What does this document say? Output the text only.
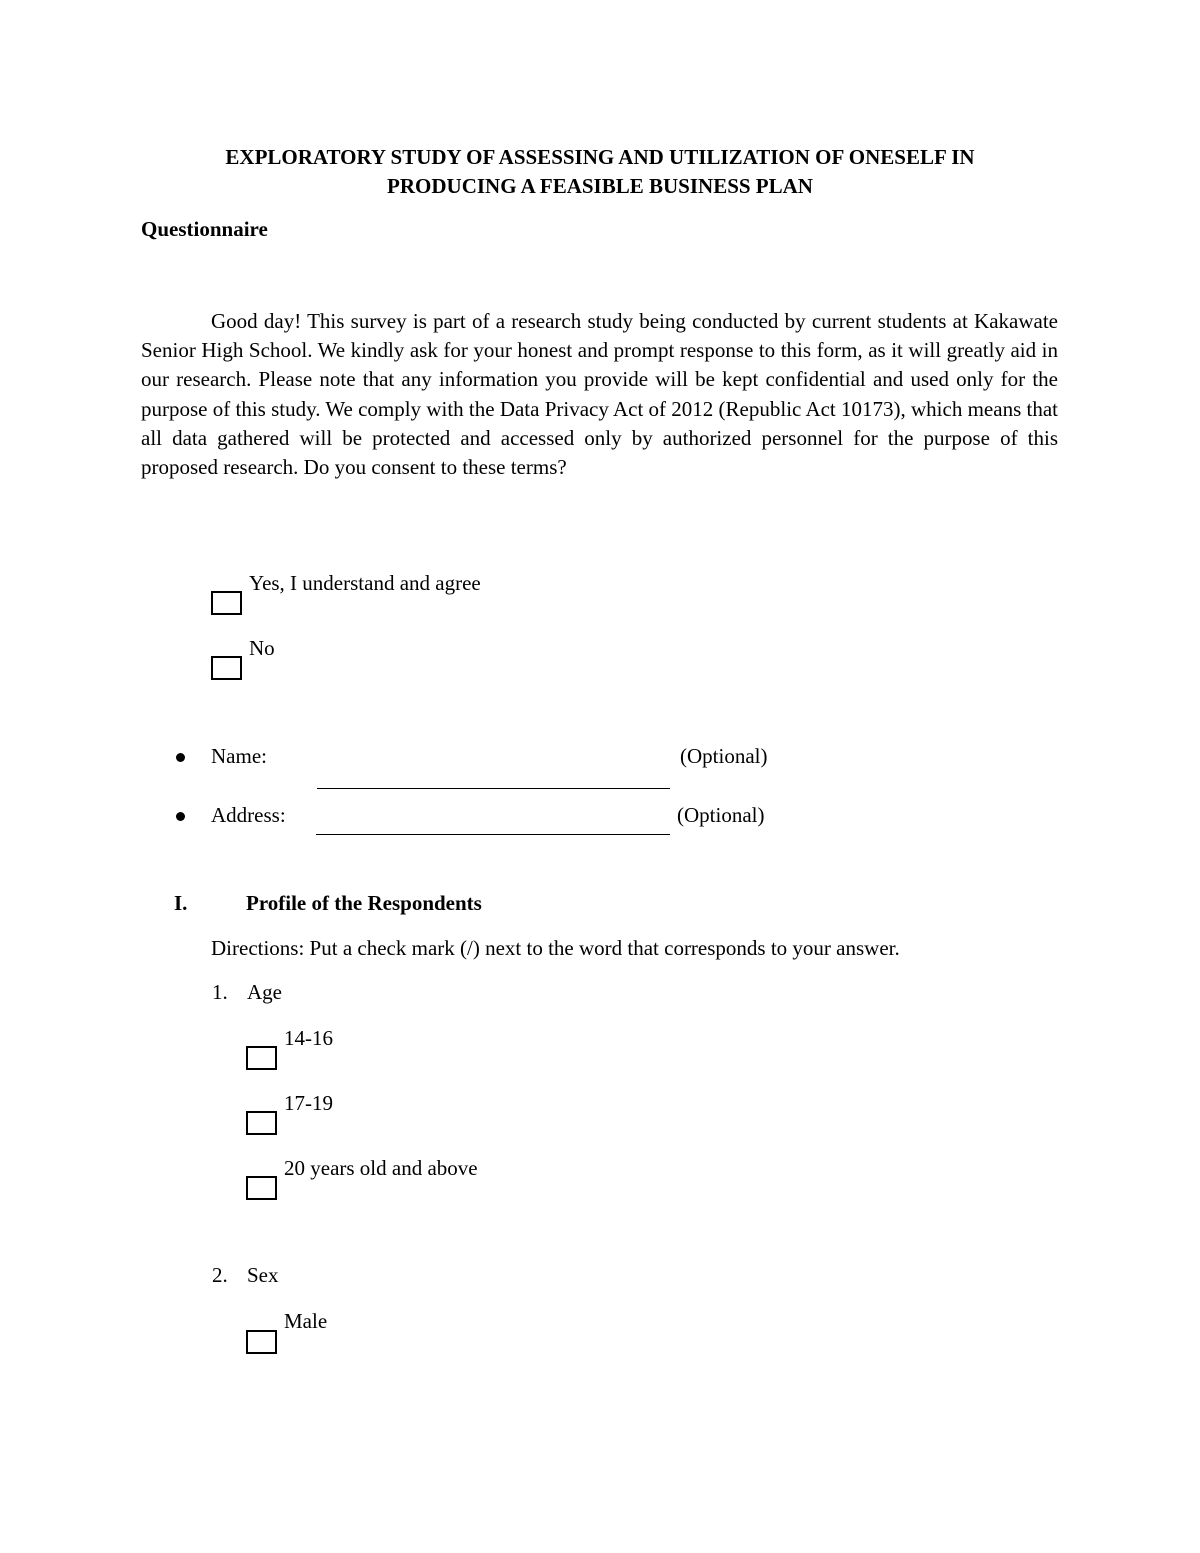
EXPLORATORY STUDY OF ASSESSING AND UTILIZATION OF ONESELF IN
PRODUCING A FEASIBLE BUSINESS PLAN
Questionnaire
Good day! This survey is part of a research study being conducted by current students at Kakawate Senior High School. We kindly ask for your honest and prompt response to this form, as it will greatly aid in our research. Please note that any information you provide will be kept confidential and used only for the purpose of this study. We comply with the Data Privacy Act of 2012 (Republic Act 10173), which means that all data gathered will be protected and accessed only by authorized personnel for the purpose of this proposed research. Do you consent to these terms?
Yes, I understand and agree
No
Name:	(Optional)
Address:	(Optional)
I.	Profile of the Respondents
Directions: Put a check mark (/) next to the word that corresponds to your answer.
1. Age
14-16
17-19
20 years old and above
2. Sex
Male
